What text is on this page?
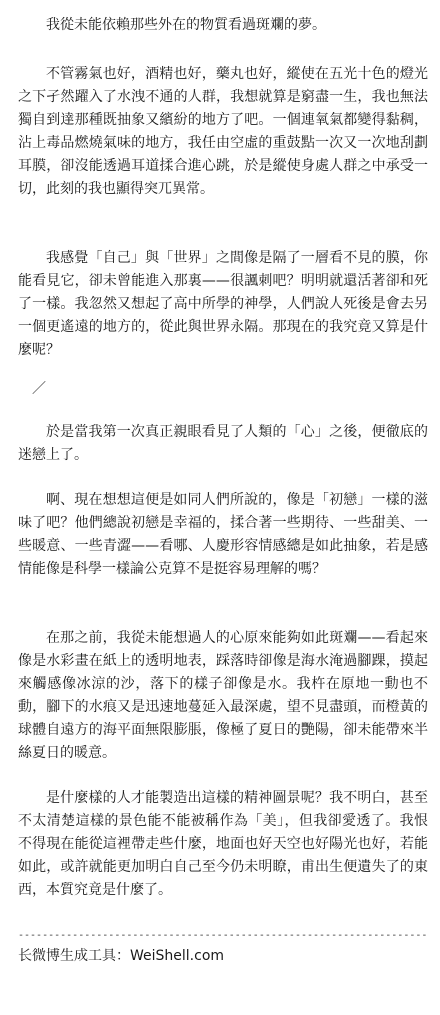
我從未能依賴那些外在的物質看過斑斕的夢。

不管霧氣也好，酒精也好，藥丸也好，縱使在五光十色的燈光之下孑然躍入了水洩不通的人群，我想就算是窮盡一生，我也無法獨自到達那種既抽象又繽紛的地方了吧。一個連氧氣都變得黏稠，沾上毒品燃燒氣味的地方，我任由空虛的重鼓點一次又一次地刮劃耳膜，卻沒能透過耳道揉合進心跳，於是縱使身處人群之中承受一切，此刻的我也顯得突兀異常。

我感覺「自己」與「世界」之間像是隔了一層看不見的膜，你能看見它，卻未曾能進入那裏——很諷刺吧？明明就還活著卻和死了一樣。我忽然又想起了高中所學的神學，人們說人死後是會去另一個更遙遠的地方的，從此與世界永隔。那現在的我究竟又算是什麼呢？

／

於是當我第一次真正親眼看見了人類的「心」之後，便徹底的迷戀上了。

啊、現在想想這便是如同人們所說的，像是「初戀」一樣的滋味了吧？他們總說初戀是幸福的，揉合著一些期待、一些甜美、一些暖意、一些青澀——看哪、人慶形容情感總是如此抽象，若是感情能像是科學一樣論公克算不是挺容易理解的嗎？

在那之前，我從未能想過人的心原來能夠如此斑斕——看起來像是水彩畫在紙上的透明地表，踩落時卻像是海水淹過腳踝，摸起來觸感像冰涼的沙，落下的樣子卻像是水。我杵在原地一動也不動，腳下的水痕又是迅速地蔓延入最深處，望不見盡頭，而橙黃的球體自遠方的海平面無限膨脹，像極了夏日的艷陽，卻未能帶來半絲夏日的暖意。

是什麼樣的人才能製造出這樣的精神圖景呢？我不明白，甚至不太清楚這樣的景色能不能被稱作為「美」，但我卻愛透了。我恨不得現在能從這裡帶走些什麼，地面也好天空也好陽光也好，若能如此，或許就能更加明白自己至今仍未明瞭，甫出生便遺失了的東西，本質究竟是什麼了。

--------------------------------------------------------------------
长微博生成工具：WeiShell.com
